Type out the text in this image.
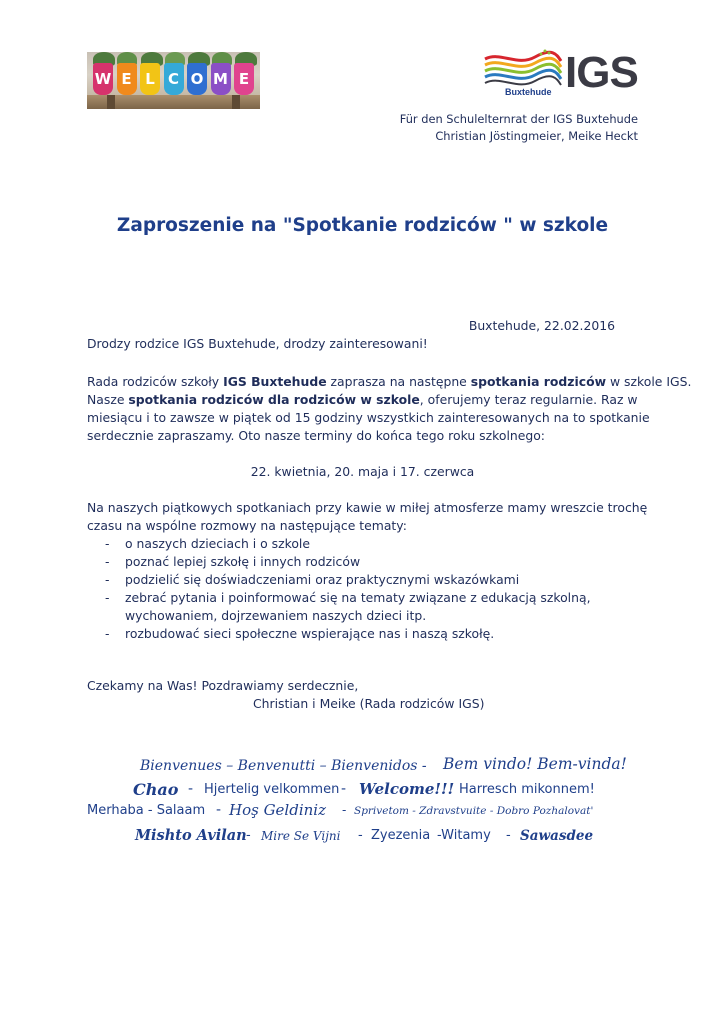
W E L C O M E	IGS
Buxtehude
Für den Schulelternrat der IGS Buxtehude
Christian Jöstingmeier, Meike Heckt
Zaproszenie na "Spotkanie rodziców " w szkole
Buxtehude, 22.02.2016
Drodzy rodzice IGS Buxtehude, drodzy zainteresowani!
Rada rodziców szkoły IGS Buxtehude zaprasza na następne spotkania rodziców w szkole IGS.
Nasze spotkania rodziców dla rodziców w szkole, oferujemy teraz regularnie. Raz w
miesiącu i to zawsze w piątek od 15 godziny wszystkich zainteresowanych na to spotkanie
serdecznie zapraszamy. Oto nasze terminy do końca tego roku szkolnego:
22. kwietnia, 20. maja i 17. czerwca
Na naszych piątkowych spotkaniach przy kawie w miłej atmosferze mamy wreszcie trochę
czasu na wspólne rozmowy na następujące tematy:
- o naszych dzieciach i o szkole
- poznać lepiej szkołę i innych rodziców
- podzielić się doświadczeniami oraz praktycznymi wskazówkami
- zebrać pytania i poinformować się na tematy związane z edukacją szkolną,
wychowaniem, dojrzewaniem naszych dzieci itp.
- rozbudować sieci społeczne wspierające nas i naszą szkołę.
Czekamy na Was! Pozdrawiamy serdecznie,
Christian i Meike (Rada rodziców IGS)
Bienvenues – Benvenutti – Bienvenidos - Bem vindo! Bem-vinda!
Chao - Hjertelig velkommen - Welcome!!! Harresch mikonnem!
Merhaba - Salaam - Hoş Geldiniz - Sprivetom - Zdravstvuite - Dobro Pozhalovat'
Mishto Avilan - Mire Se Vijni - Zyezenia -Witamy - Sawasdee
